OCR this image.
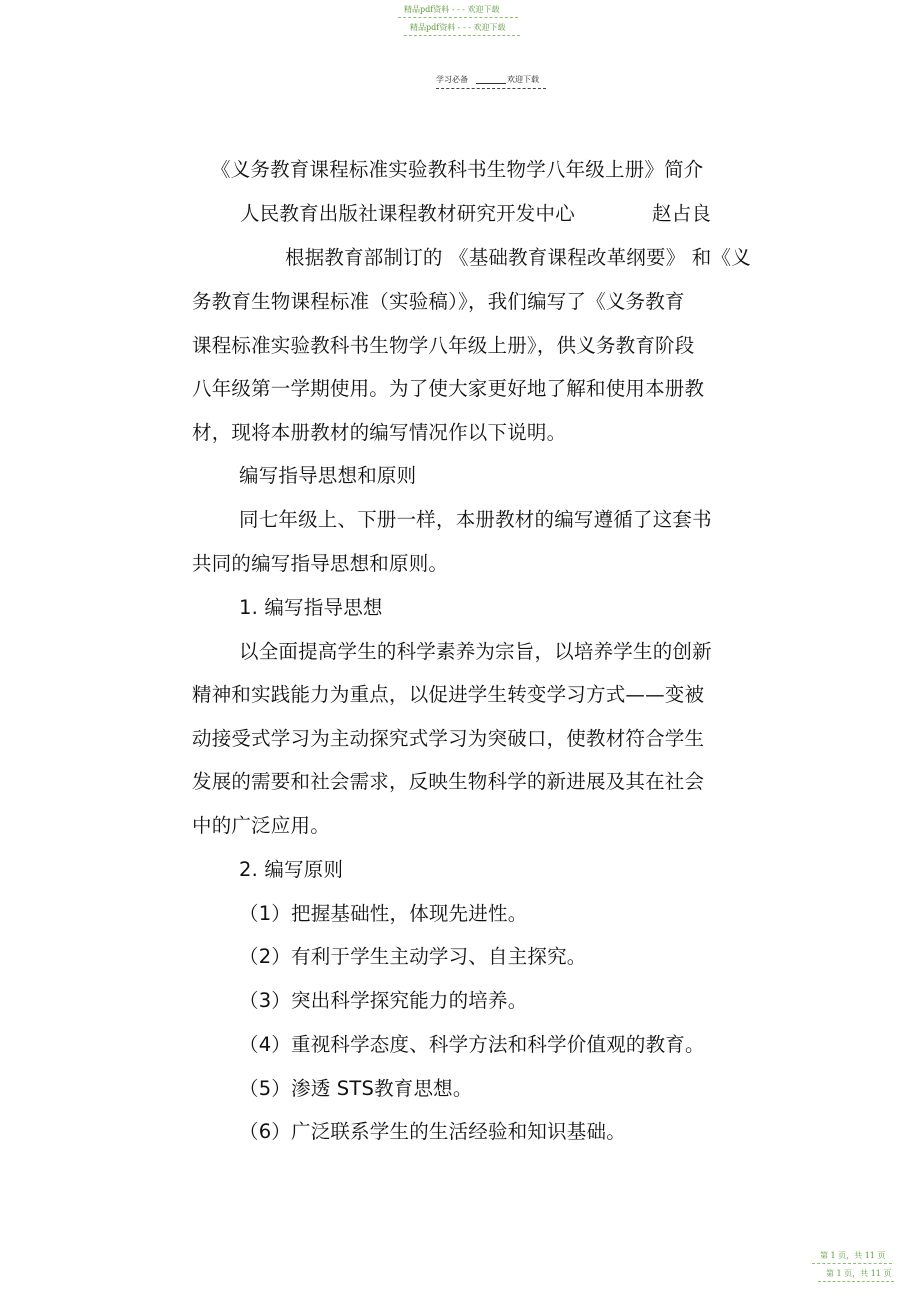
精品pdf资料 - - - 欢迎下载
精品pdf资料 - - - 欢迎下载
学习必备	欢迎下载
《义务教育课程标准实验教科书生物学八年级上册》简介
人民教育出版社课程教材研究开发中心	赵占良
根据教育部制订的 《基础教育课程改革纲要》 和《义
务教育生物课程标准（实验稿）》，我们编写了《义务教育
课程标准实验教科书生物学八年级上册》，供义务教育阶段
八年级第一学期使用。为了使大家更好地了解和使用本册教
材，现将本册教材的编写情况作以下说明。
编写指导思想和原则
同七年级上、下册一样，本册教材的编写遵循了这套书
共同的编写指导思想和原则。
1. 编写指导思想
以全面提高学生的科学素养为宗旨，以培养学生的创新
精神和实践能力为重点，以促进学生转变学习方式——变被
动接受式学习为主动探究式学习为突破口，使教材符合学生
发展的需要和社会需求，反映生物科学的新进展及其在社会
中的广泛应用。
2. 编写原则
（1）把握基础性，体现先进性。
（2）有利于学生主动学习、自主探究。
（3）突出科学探究能力的培养。
（4）重视科学态度、科学方法和科学价值观的教育。
（5）渗透 STS教育思想。
（6）广泛联系学生的生活经验和知识基础。
第 1 页，共 11 页
第 1 页，共 11 页
